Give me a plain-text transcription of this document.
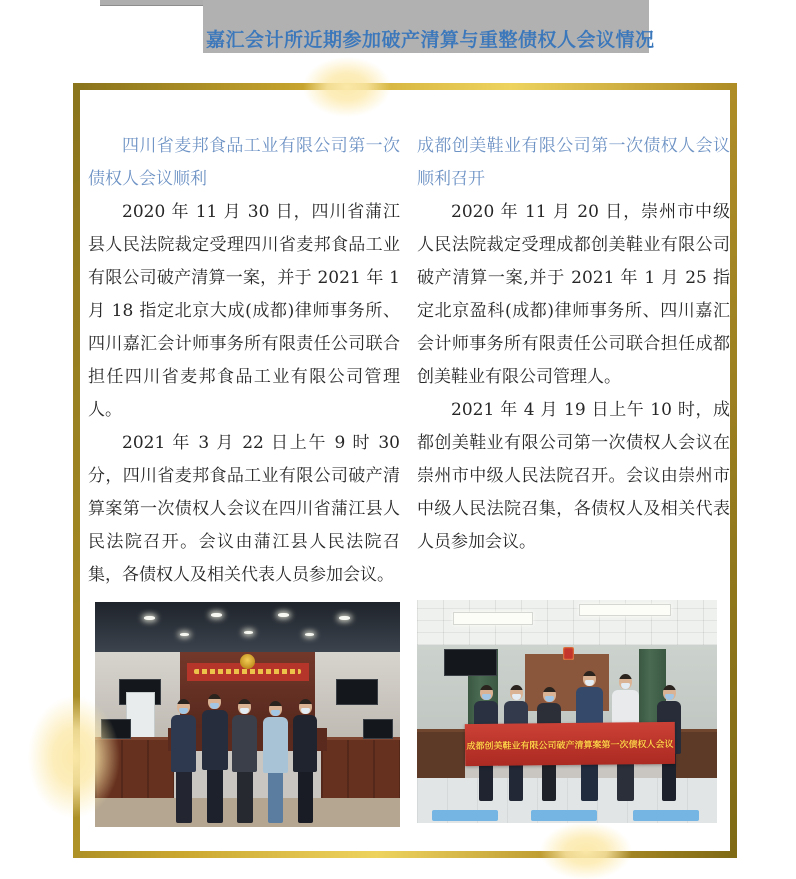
嘉汇会计所近期参加破产清算与重整债权人会议情况

四川省麦邦食品工业有限公司第一次债权人会议顺利

2020 年 11 月 30 日，四川省蒲江县人民法院裁定受理四川省麦邦食品工业有限公司破产清算一案，并于 2021 年 1 月 18 指定北京大成(成都)律师事务所、四川嘉汇会计师事务所有限责任公司联合担任四川省麦邦食品工业有限公司管理人。

2021 年 3 月 22 日上午 9 时 30 分，四川省麦邦食品工业有限公司破产清算案第一次债权人会议在四川省蒲江县人民法院召开。会议由蒲江县人民法院召集，各债权人及相关代表人员参加会议。

成都创美鞋业有限公司第一次债权人会议顺利召开

2020 年 11 月 20 日，崇州市中级人民法院裁定受理成都创美鞋业有限公司破产清算一案,并于 2021 年 1 月 25 指定北京盈科(成都)律师事务所、四川嘉汇会计师事务所有限责任公司联合担任成都创美鞋业有限公司管理人。

2021 年 4 月 19 日上午 10 时，成都创美鞋业有限公司第一次债权人会议在崇州市中级人民法院召开。会议由崇州市中级人民法院召集，各债权人及相关代表人员参加会议。

成都创美鞋业有限公司破产清算案第一次债权人会议
